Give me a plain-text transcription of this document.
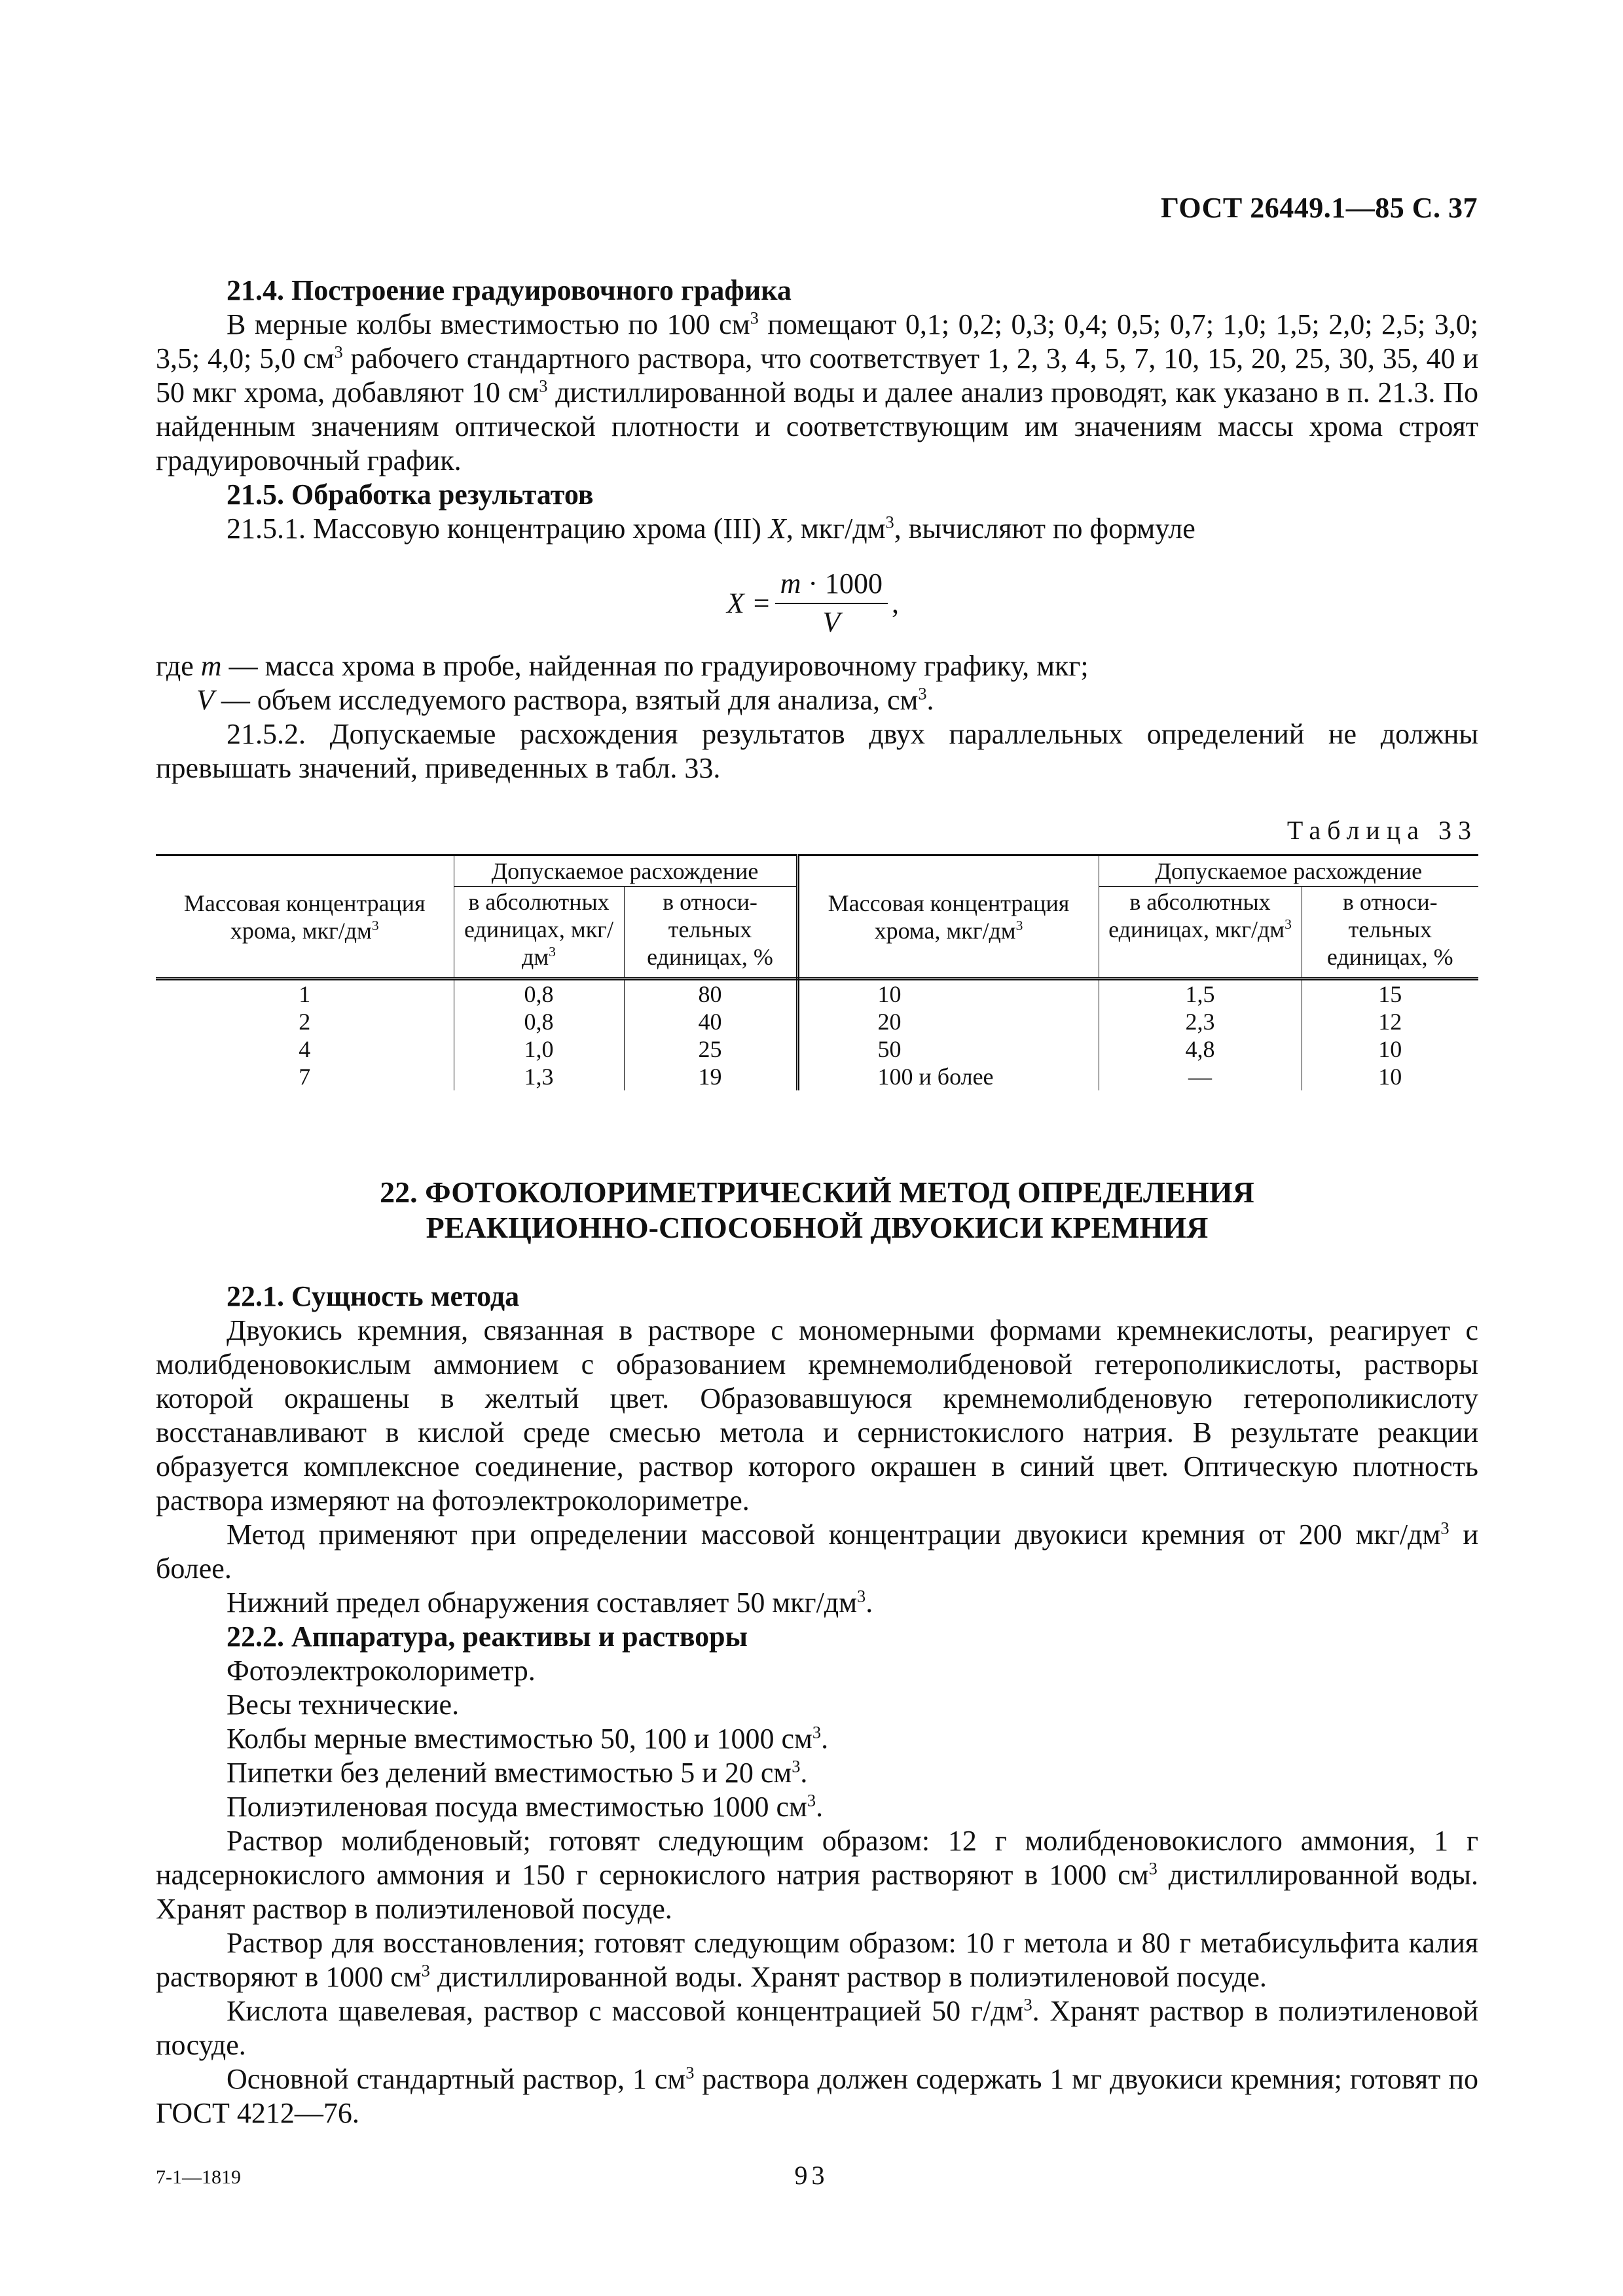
ГОСТ 26449.1—85 С. 37

21.4. Построение градуировочного графика

В мерные колбы вместимостью по 100 $см^3$ помещают 0,1; 0,2; 0,3; 0,4; 0,5; 0,7; 1,0; 1,5; 2,0; 2,5; 3,0; 3,5; 4,0; 5,0 $см^3$ рабочего стандартного раствора, что соответствует 1, 2, 3, 4, 5, 7, 10, 15, 20, 25, 30, 35, 40 и 50 мкг хрома, добавляют 10 $см^3$ дистиллированной воды и далее анализ проводят, как указано в п. 21.3. По найденным значениям оптической плотности и соответствующим им значениям массы хрома строят градуировочный график.

21.5. Обработка результатов

21.5.1. Массовую концентрацию хрома (III) X, мкг/$дм^3$, вычисляют по формуле

$X = \frac{m \cdot 1000}{V}$ ,

где m — масса хрома в пробе, найденная по градуировочному графику, мкг;

V — объем исследуемого раствора, взятый для анализа, $см^3$.

21.5.2. Допускаемые расхождения результатов двух параллельных определений не должны превышать значений, приведенных в табл. 33.

Таблица 33
Массовая концентрация хрома, мкг/$дм^3$	Допускаемое расхождение		Массовая концентрация хрома, мкг/$дм^3$	Допускаемое расхождение	
	в абсолютных единицах, мкг/$дм^3$	в относи-тельных единицах, %		в абсолютных единицах, мкг/$дм^3$	в относи-тельных единицах, %
1	0,8	80	10	1,5	15
2	0,8	40	20	2,3	12
4	1,0	25	50	4,8	10
7	1,3	19	100 и более	—	10
22. ФОТОКОЛОРИМЕТРИЧЕСКИЙ МЕТОД ОПРЕДЕЛЕНИЯ
РЕАКЦИОННО-СПОСОБНОЙ ДВУОКИСИ КРЕМНИЯ

22.1. Сущность метода

Двуокись кремния, связанная в растворе с мономерными формами кремнекислоты, реагирует с молибденовокислым аммонием с образованием кремнемолибденовой гетерополикислоты, растворы которой окрашены в желтый цвет. Образовавшуюся кремнемолибденовую гетерополикислоту восстанавливают в кислой среде смесью метола и сернистокислого натрия. В результате реакции образуется комплексное соединение, раствор которого окрашен в синий цвет. Оптическую плотность раствора измеряют на фотоэлектроколориметре.

Метод применяют при определении массовой концентрации двуокиси кремния от 200 мкг/$дм^3$ и более.

Нижний предел обнаружения составляет 50 мкг/$дм^3$.

22.2. Аппаратура, реактивы и растворы

Фотоэлектроколориметр.

Весы технические.

Колбы мерные вместимостью 50, 100 и 1000 $см^3$.

Пипетки без делений вместимостью 5 и 20 $см^3$.

Полиэтиленовая посуда вместимостью 1000 $см^3$.

Раствор молибденовый; готовят следующим образом: 12 г молибденовокислого аммония, 1 г надсернокислого аммония и 150 г сернокислого натрия растворяют в 1000 $см^3$ дистиллированной воды. Хранят раствор в полиэтиленовой посуде.

Раствор для восстановления; готовят следующим образом: 10 г метола и 80 г метабисульфита калия растворяют в 1000 $см^3$ дистиллированной воды. Хранят раствор в полиэтиленовой посуде.

Кислота щавелевая, раствор с массовой концентрацией 50 $г/дм^3$. Хранят раствор в полиэтиленовой посуде.

Основной стандартный раствор, 1 $см^3$ раствора должен содержать 1 мг двуокиси кремния; готовят по ГОСТ 4212—76.

7-1—1819	93
